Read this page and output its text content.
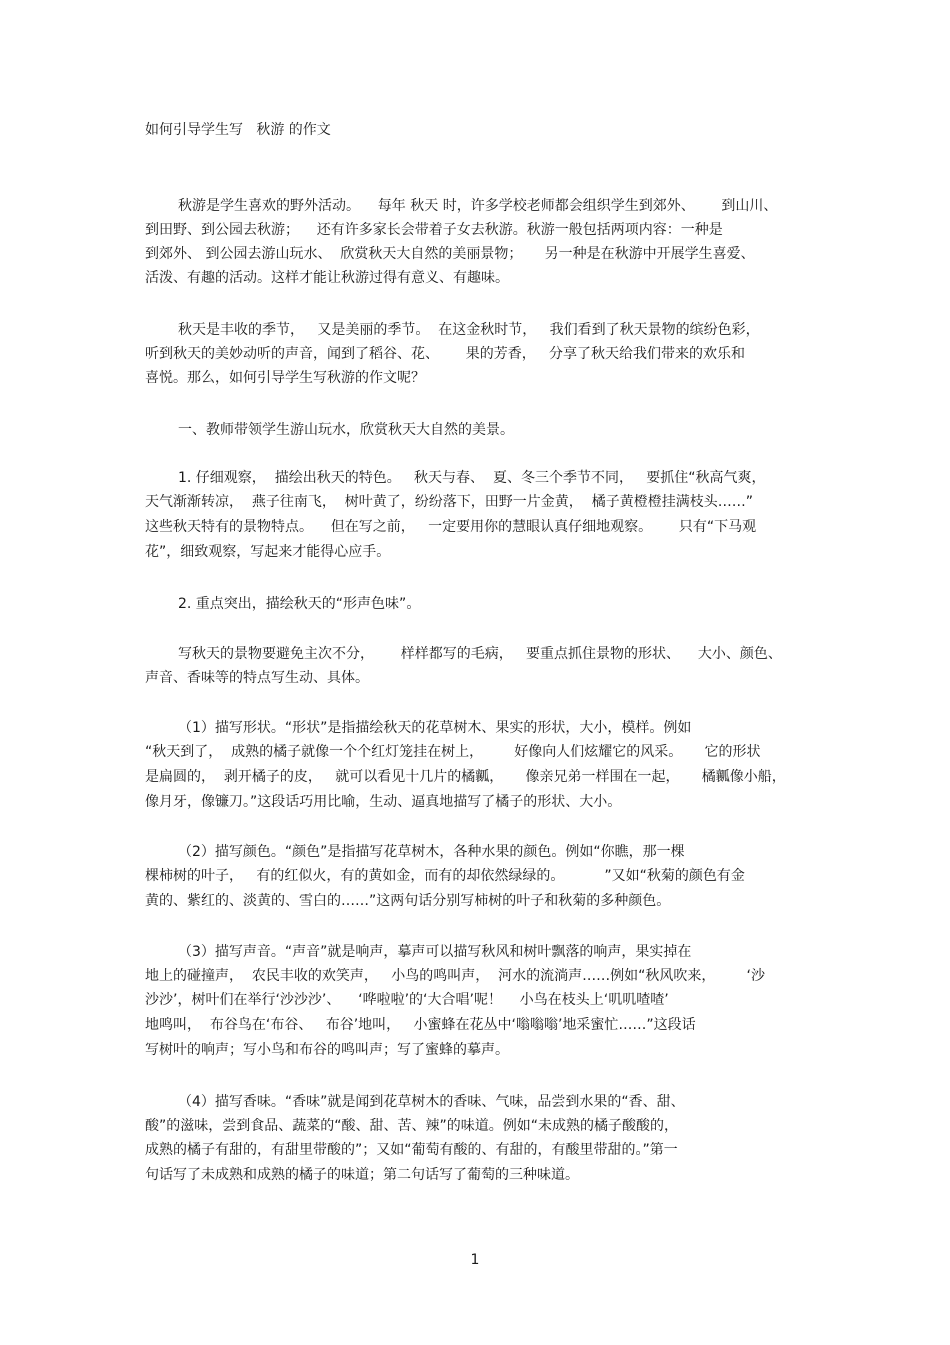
如何引导学生写   秋游 的作文
秋游是学生喜欢的野外活动。    每年 秋天 时，许多学校老师都会组织学生到郊外、      到山川、
到田野、到公园去秋游；    还有许多家长会带着子女去秋游。秋游一般包括两项内容：一种是
到郊外、 到公园去游山玩水、  欣赏秋天大自然的美丽景物；     另一种是在秋游中开展学生喜爱、
活泼、有趣的活动。这样才能让秋游过得有意义、有趣味。
秋天是丰收的季节，   又是美丽的季节。  在这金秋时节，   我们看到了秋天景物的缤纷色彩，
听到秋天的美妙动听的声音，闻到了稻谷、花、      果的芳香，   分享了秋天给我们带来的欢乐和
喜悦。那么，如何引导学生写秋游的作文呢？
一、教师带领学生游山玩水，欣赏秋天大自然的美景。
1. 仔细观察，  描绘出秋天的特色。   秋天与春、  夏、冬三个季节不同，   要抓住“秋高气爽，
天气渐渐转凉，  燕子往南飞，  树叶黄了，纷纷落下，田野一片金黄，  橘子黄橙橙挂满枝头……”
这些秋天特有的景物特点。    但在写之前，   一定要用你的慧眼认真仔细地观察。      只有“下马观
花”，细致观察，写起来才能得心应手。
2. 重点突出，描绘秋天的“形声色味”。
写秋天的景物要避免主次不分，      样样都写的毛病，   要重点抓住景物的形状、    大小、颜色、
声音、香味等的特点写生动、具体。
（1）描写形状。“形状”是指描绘秋天的花草树木、果实的形状，大小，模样。例如
“秋天到了，  成熟的橘子就像一个个红灯笼挂在树上，       好像向人们炫耀它的风采。     它的形状
是扁圆的，  剥开橘子的皮，   就可以看见十几片的橘瓤，     像亲兄弟一样围在一起，     橘瓤像小船，
像月牙，像镰刀。”这段话巧用比喻，生动、逼真地描写了橘子的形状、大小。
（2）描写颜色。“颜色”是指描写花草树木，各种水果的颜色。例如“你瞧，那一棵
棵柿树的叶子，   有的红似火，有的黄如金，而有的却依然绿绿的。         ”又如“秋菊的颜色有金
黄的、紫红的、淡黄的、雪白的……”这两句话分别写柿树的叶子和秋菊的多种颜色。
（3）描写声音。“声音”就是响声，摹声可以描写秋风和树叶飘落的响声，果实掉在
地上的碰撞声，  农民丰收的欢笑声，   小鸟的鸣叫声，  河水的流淌声……例如“秋风吹来，       ‘沙
沙沙’，树叶们在举行‘沙沙沙’、    ‘哗啦啦’的‘大合唱’呢！    小鸟在枝头上‘叽叽喳喳’
地鸣叫，  布谷鸟在‘布谷、   布谷’地叫，   小蜜蜂在花丛中‘嗡嗡嗡’地采蜜忙……”这段话
写树叶的响声；写小鸟和布谷的鸣叫声；写了蜜蜂的摹声。
（4）描写香味。“香味”就是闻到花草树木的香味、气味，品尝到水果的“香、甜、
酸”的滋味，尝到食品、蔬菜的“酸、甜、苦、辣”的味道。例如“未成熟的橘子酸酸的，
成熟的橘子有甜的，有甜里带酸的”；又如“葡萄有酸的、有甜的，有酸里带甜的。”第一
句话写了未成熟和成熟的橘子的味道；第二句话写了葡萄的三种味道。
1
